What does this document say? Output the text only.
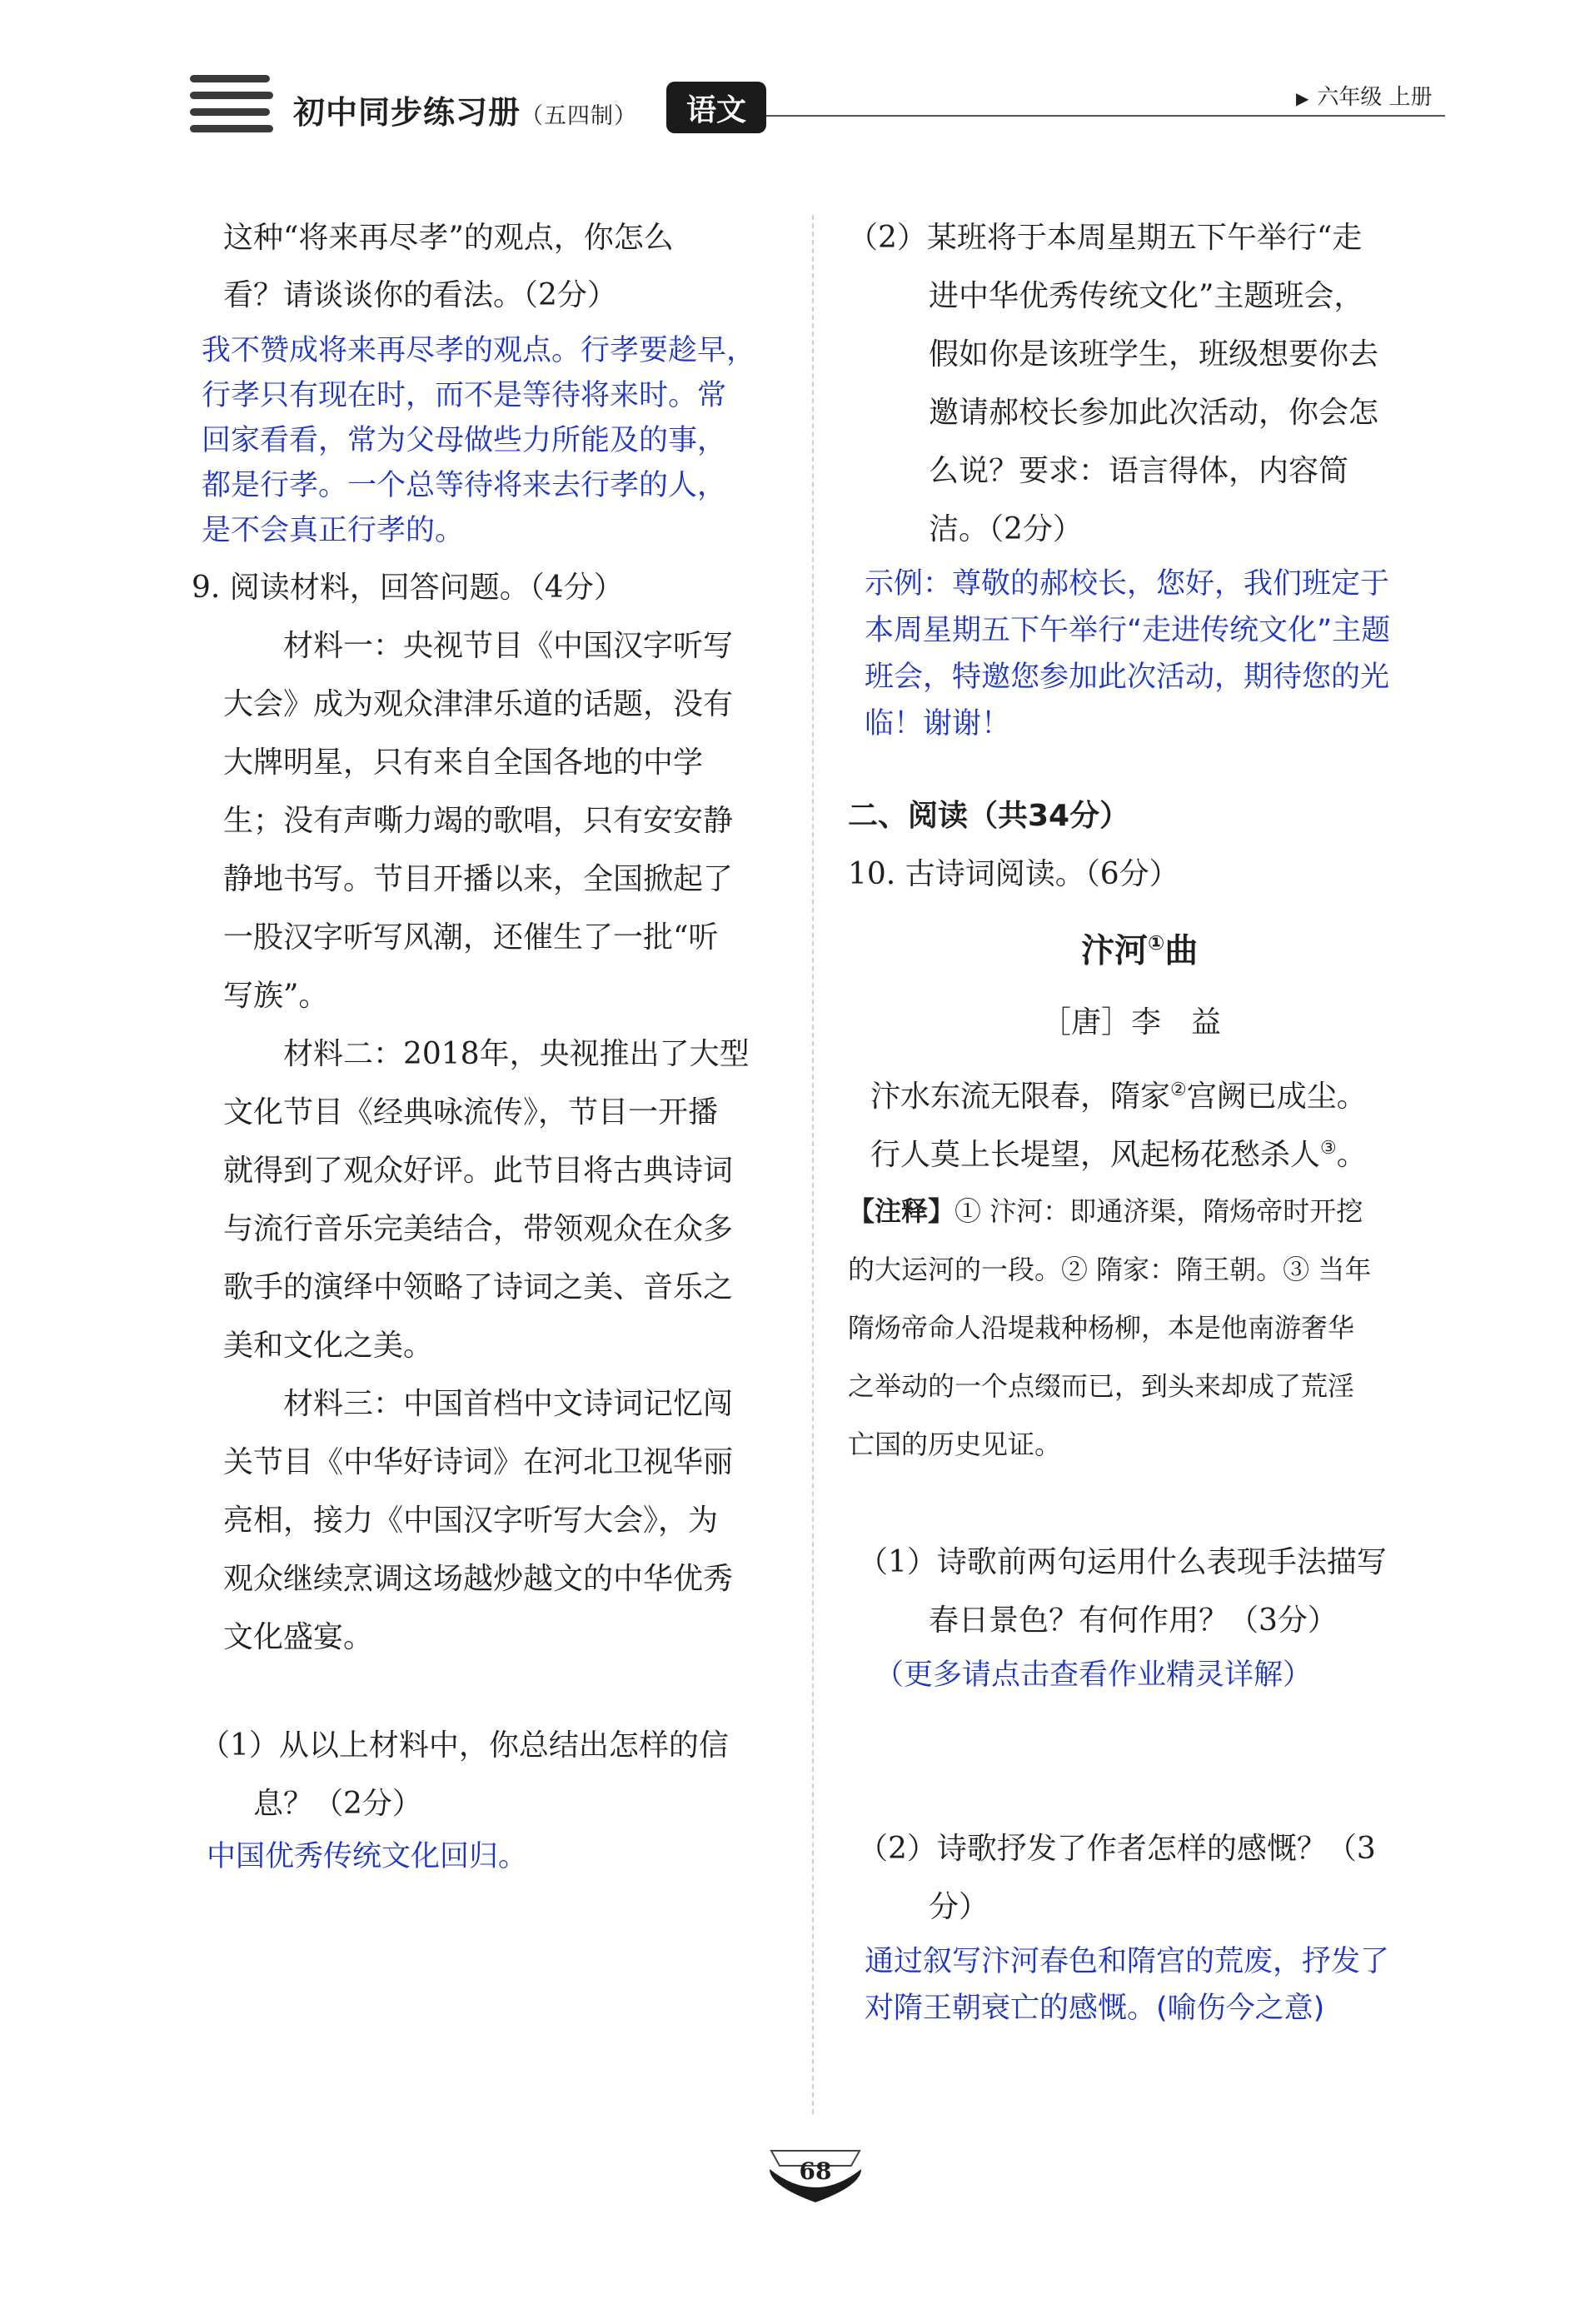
初中同步练习册（五四制）	语文	▶ 六年级 上册
这种“将来再尽孝”的观点，你怎么
看？请谈谈你的看法。（2分）
我不赞成将来再尽孝的观点。行孝要趁早，
行孝只有现在时，而不是等待将来时。常
回家看看，常为父母做些力所能及的事，
都是行孝。一个总等待将来去行孝的人，
是不会真正行孝的。
9. 阅读材料，回答问题。（4分）
材料一：央视节目《中国汉字听写
大会》成为观众津津乐道的话题，没有
大牌明星，只有来自全国各地的中学
生；没有声嘶力竭的歌唱，只有安安静
静地书写。节目开播以来，全国掀起了
一股汉字听写风潮，还催生了一批“听
写族”。
材料二：2018年，央视推出了大型
文化节目《经典咏流传》，节目一开播
就得到了观众好评。此节目将古典诗词
与流行音乐完美结合，带领观众在众多
歌手的演绎中领略了诗词之美、音乐之
美和文化之美。
材料三：中国首档中文诗词记忆闯
关节目《中华好诗词》在河北卫视华丽
亮相，接力《中国汉字听写大会》，为
观众继续烹调这场越炒越文的中华优秀
文化盛宴。
（1）从以上材料中，你总结出怎样的信
息？（2分）
中国优秀传统文化回归。
（2）某班将于本周星期五下午举行“走
进中华优秀传统文化”主题班会，
假如你是该班学生，班级想要你去
邀请郝校长参加此次活动，你会怎
么说？要求：语言得体，内容简
洁。（2分）
示例：尊敬的郝校长，您好，我们班定于
本周星期五下午举行“走进传统文化”主题
班会，特邀您参加此次活动，期待您的光
临！谢谢！
二、阅读（共34分）
10. 古诗词阅读。（6分）
汴河①曲
［唐］李　益
汴水东流无限春，隋家②宫阙已成尘。
行人莫上长堤望，风起杨花愁杀人③。
【注释】① 汴河：即通济渠，隋炀帝时开挖
的大运河的一段。② 隋家：隋王朝。③ 当年
隋炀帝命人沿堤栽种杨柳，本是他南游奢华
之举动的一个点缀而已，到头来却成了荒淫
亡国的历史见证。
（1）诗歌前两句运用什么表现手法描写
春日景色？有何作用？（3分）
（更多请点击查看作业精灵详解）
（2）诗歌抒发了作者怎样的感慨？（3
分）
通过叙写汴河春色和隋宫的荒废，抒发了
对隋王朝衰亡的感慨。(喻伤今之意)
68
